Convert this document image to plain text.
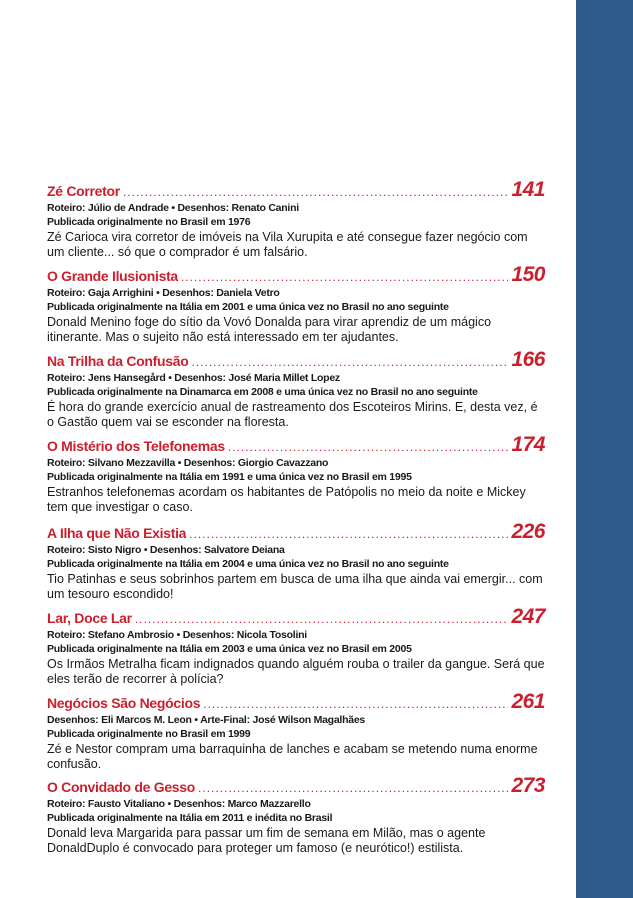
Zé Corretor .....	141
Roteiro: Júlio de Andrade • Desenhos: Renato Canini
Publicada originalmente no Brasil em 1976
Zé Carioca vira corretor de imóveis na Vila Xurupita e até consegue fazer negócio com um cliente... só que o comprador é um falsário.
O Grande Ilusionista .....	150
Roteiro: Gaja Arrighini • Desenhos: Daniela Vetro
Publicada originalmente na Itália em 2001 e uma única vez no Brasil no ano seguinte
Donald Menino foge do sítio da Vovó Donalda para virar aprendiz de um mágico itinerante. Mas o sujeito não está interessado em ter ajudantes.
Na Trilha da Confusão .....	166
Roteiro: Jens Hansegård • Desenhos: José Maria Millet Lopez
Publicada originalmente na Dinamarca em 2008 e uma única vez no Brasil no ano seguinte
É hora do grande exercício anual de rastreamento dos Escoteiros Mirins. E, desta vez, é o Gastão quem vai se esconder na floresta.
O Mistério dos Telefonemas .....	174
Roteiro: Silvano Mezzavilla • Desenhos: Giorgio Cavazzano
Publicada originalmente na Itália em 1991 e uma única vez no Brasil em 1995
Estranhos telefonemas acordam os habitantes de Patópolis no meio da noite e Mickey tem que investigar o caso.
A Ilha que Não Existia .....	226
Roteiro: Sisto Nigro • Desenhos: Salvatore Deiana
Publicada originalmente na Itália em 2004 e uma única vez no Brasil no ano seguinte
Tio Patinhas e seus sobrinhos partem em busca de uma ilha que ainda vai emergir... com um tesouro escondido!
Lar, Doce Lar .....	247
Roteiro: Stefano Ambrosio • Desenhos: Nicola Tosolini
Publicada originalmente na Itália em 2003 e uma única vez no Brasil em 2005
Os Irmãos Metralha ficam indignados quando alguém rouba o trailer da gangue. Será que eles terão de recorrer à polícia?
Negócios São Negócios .....	261
Desenhos: Eli Marcos M. Leon • Arte-Final: José Wilson Magalhães
Publicada originalmente no Brasil em 1999
Zé e Nestor compram uma barraquinha de lanches e acabam se metendo numa enorme confusão.
O Convidado de Gesso .....	273
Roteiro: Fausto Vitaliano • Desenhos: Marco Mazzarello
Publicada originalmente na Itália em 2011 e inédita no Brasil
Donald leva Margarida para passar um fim de semana em Milão, mas o agente DonaldDuplo é convocado para proteger um famoso (e neurótico!) estilista.
